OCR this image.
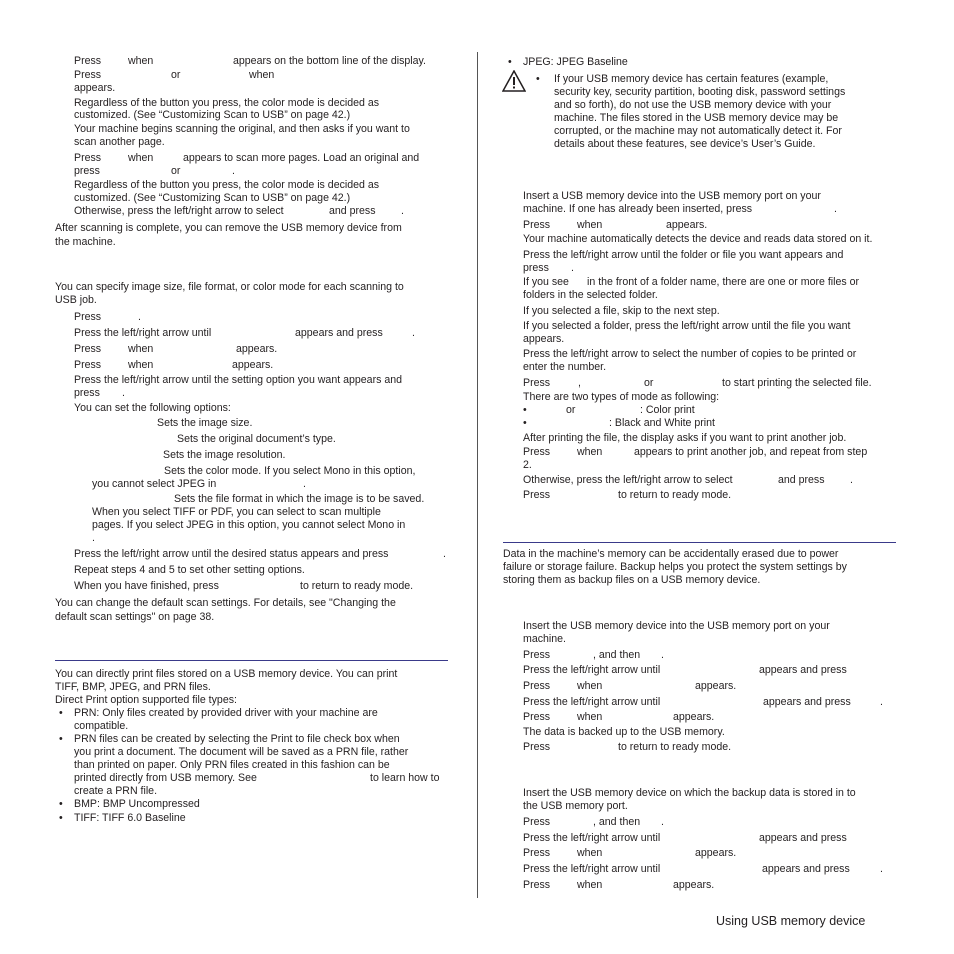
Press	when	appears on the bottom line of the display.
Press	or	when
appears.
Regardless of the button you press, the color mode is decided as
customized. (See “Customizing Scan to USB” on page 42.)
Your machine begins scanning the original, and then asks if you want to
scan another page.
Press	when	appears to scan more pages. Load an original and
press	or	.
Regardless of the button you press, the color mode is decided as
customized. (See “Customizing Scan to USB” on page 42.)
Otherwise, press the left/right arrow to select	and press .
After scanning is complete, you can remove the USB memory device from
the machine.
You can specify image size, file format, or color mode for each scanning to
USB job.
Press	.
Press the left/right arrow until	appears and press	.
Press	when	appears.
Press	when	appears.
Press the left/right arrow until the setting option you want appears and
press .
You can set the following options:
Sets the image size.
Sets the original document’s type.
Sets the image resolution.
Sets the color mode. If you select Mono in this option,
you cannot select JPEG in	.
Sets the file format in which the image is to be saved.
When you select TIFF or PDF, you can select to scan multiple
pages. If you select JPEG in this option, you cannot select Mono in
.
Press the left/right arrow until the desired status appears and press	.
Repeat steps 4 and 5 to set other setting options.
When you have finished, press	to return to ready mode.
You can change the default scan settings. For details, see "Changing the
default scan settings" on page 38.
You can directly print files stored on a USB memory device. You can print
TIFF, BMP, JPEG, and PRN files.
Direct Print option supported file types:
• PRN: Only files created by provided driver with your machine are
compatible.
• PRN files can be created by selecting the Print to file check box when
you print a document. The document will be saved as a PRN file, rather
than printed on paper. Only PRN files created in this fashion can be
printed directly from USB memory. See	to learn how to
create a PRN file.
• BMP: BMP Uncompressed
• TIFF: TIFF 6.0 Baseline
• JPEG: JPEG Baseline
• If your USB memory device has certain features (example,
security key, security partition, booting disk, password settings
and so forth), do not use the USB memory device with your
machine. The files stored in the USB memory device may be
corrupted, or the machine may not automatically detect it. For
details about these features, see device’s User’s Guide.
Insert a USB memory device into the USB memory port on your
machine. If one has already been inserted, press	.
Press	when	appears.
Your machine automatically detects the device and reads data stored on it.
Press the left/right arrow until the folder or file you want appears and
press .
If you see in the front of a folder name, there are one or more files or
folders in the selected folder.
If you selected a file, skip to the next step.
If you selected a folder, press the left/right arrow until the file you want
appears.
Press the left/right arrow to select the number of copies to be printed or
enter the number.
Press	,	or	to start printing the selected file.
There are two types of mode as following:
•	or	: Color print
•	: Black and White print
After printing the file, the display asks if you want to print another job.
Press	when	appears to print another job, and repeat from step
2.
Otherwise, press the left/right arrow to select	and press .
Press	to return to ready mode.
Data in the machine’s memory can be accidentally erased due to power
failure or storage failure. Backup helps you protect the system settings by
storing them as backup files on a USB memory device.
Insert the USB memory device into the USB memory port on your
machine.
Press	, and then .
Press the left/right arrow until	appears and press
Press	when	appears.
Press the left/right arrow until	appears and press	.
Press	when	appears.
The data is backed up to the USB memory.
Press	to return to ready mode.
Insert the USB memory device on which the backup data is stored in to
the USB memory port.
Press	, and then .
Press the left/right arrow until	appears and press
Press	when	appears.
Press the left/right arrow until	appears and press	.
Press	when	appears.
Using USB memory device
